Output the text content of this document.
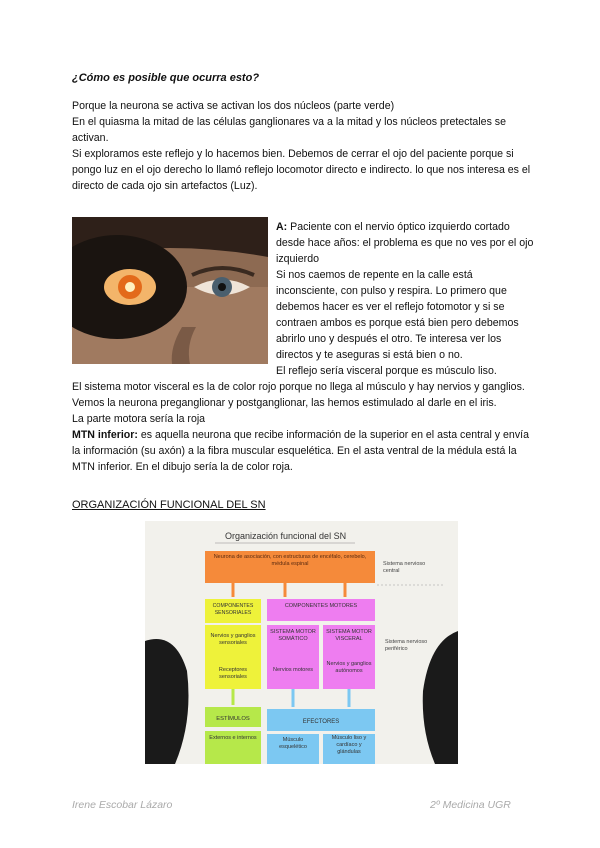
¿Cómo es posible que ocurra esto?

Porque la neurona se activa se activan los dos núcleos (parte verde)

En el quiasma la mitad de las células ganglionares va a la mitad y los núcleos pretectales se activan.

Si exploramos este reflejo y lo hacemos bien. Debemos de cerrar el ojo del paciente porque si pongo luz en el ojo derecho lo llamó reflejo locomotor directo e indirecto. lo que nos interesa es el directo de cada ojo sin artefactos (Luz).

A: Paciente con el nervio óptico izquierdo cortado desde hace años: el problema es que no ves por el ojo izquierdo

Si nos caemos de repente en la calle está inconsciente, con pulso y respira. Lo primero que debemos hacer es ver el reflejo fotomotor y si se contraen ambos es porque está bien pero debemos abrirlo uno y después el otro. Te interesa ver los directos y te aseguras si está bien o no.

El reflejo sería visceral porque es músculo liso.

El sistema motor visceral es la de color rojo porque no llega al músculo y hay nervios y ganglios. Vemos la neurona preganglionar y postganglionar, las hemos estimulado al darle en el iris.

La parte motora sería la roja

MTN inferior: es aquella neurona que recibe información de la superior en el asta central y envía la información (su axón) a la fibra muscular esquelética. En el asta ventral de la médula está la MTN inferior. En el dibujo sería la de color roja.

ORGANIZACIÓN FUNCIONAL DEL SN
Organización funcional del SN
Neurona de asociación, con estructuras de encéfalo, cerebelo, médula espinal	Sistema nervioso central
COMPONENTES SENSORIALES
COMPONENTES MOTORES
Nervios y ganglios sensoriales
Receptores sensoriales
SISTEMA MOTOR SOMÁTICO
Nervios motores
SISTEMA MOTOR VISCERAL
Nervios y ganglios autónomos
Sistema nervioso periférico
ESTÍMULOS	EFECTORES
Externos e internos	Músculo esquelético
Músculo liso y cardíaco y glándulas
Irene Escobar Lázaro	2º Medicina UGR
